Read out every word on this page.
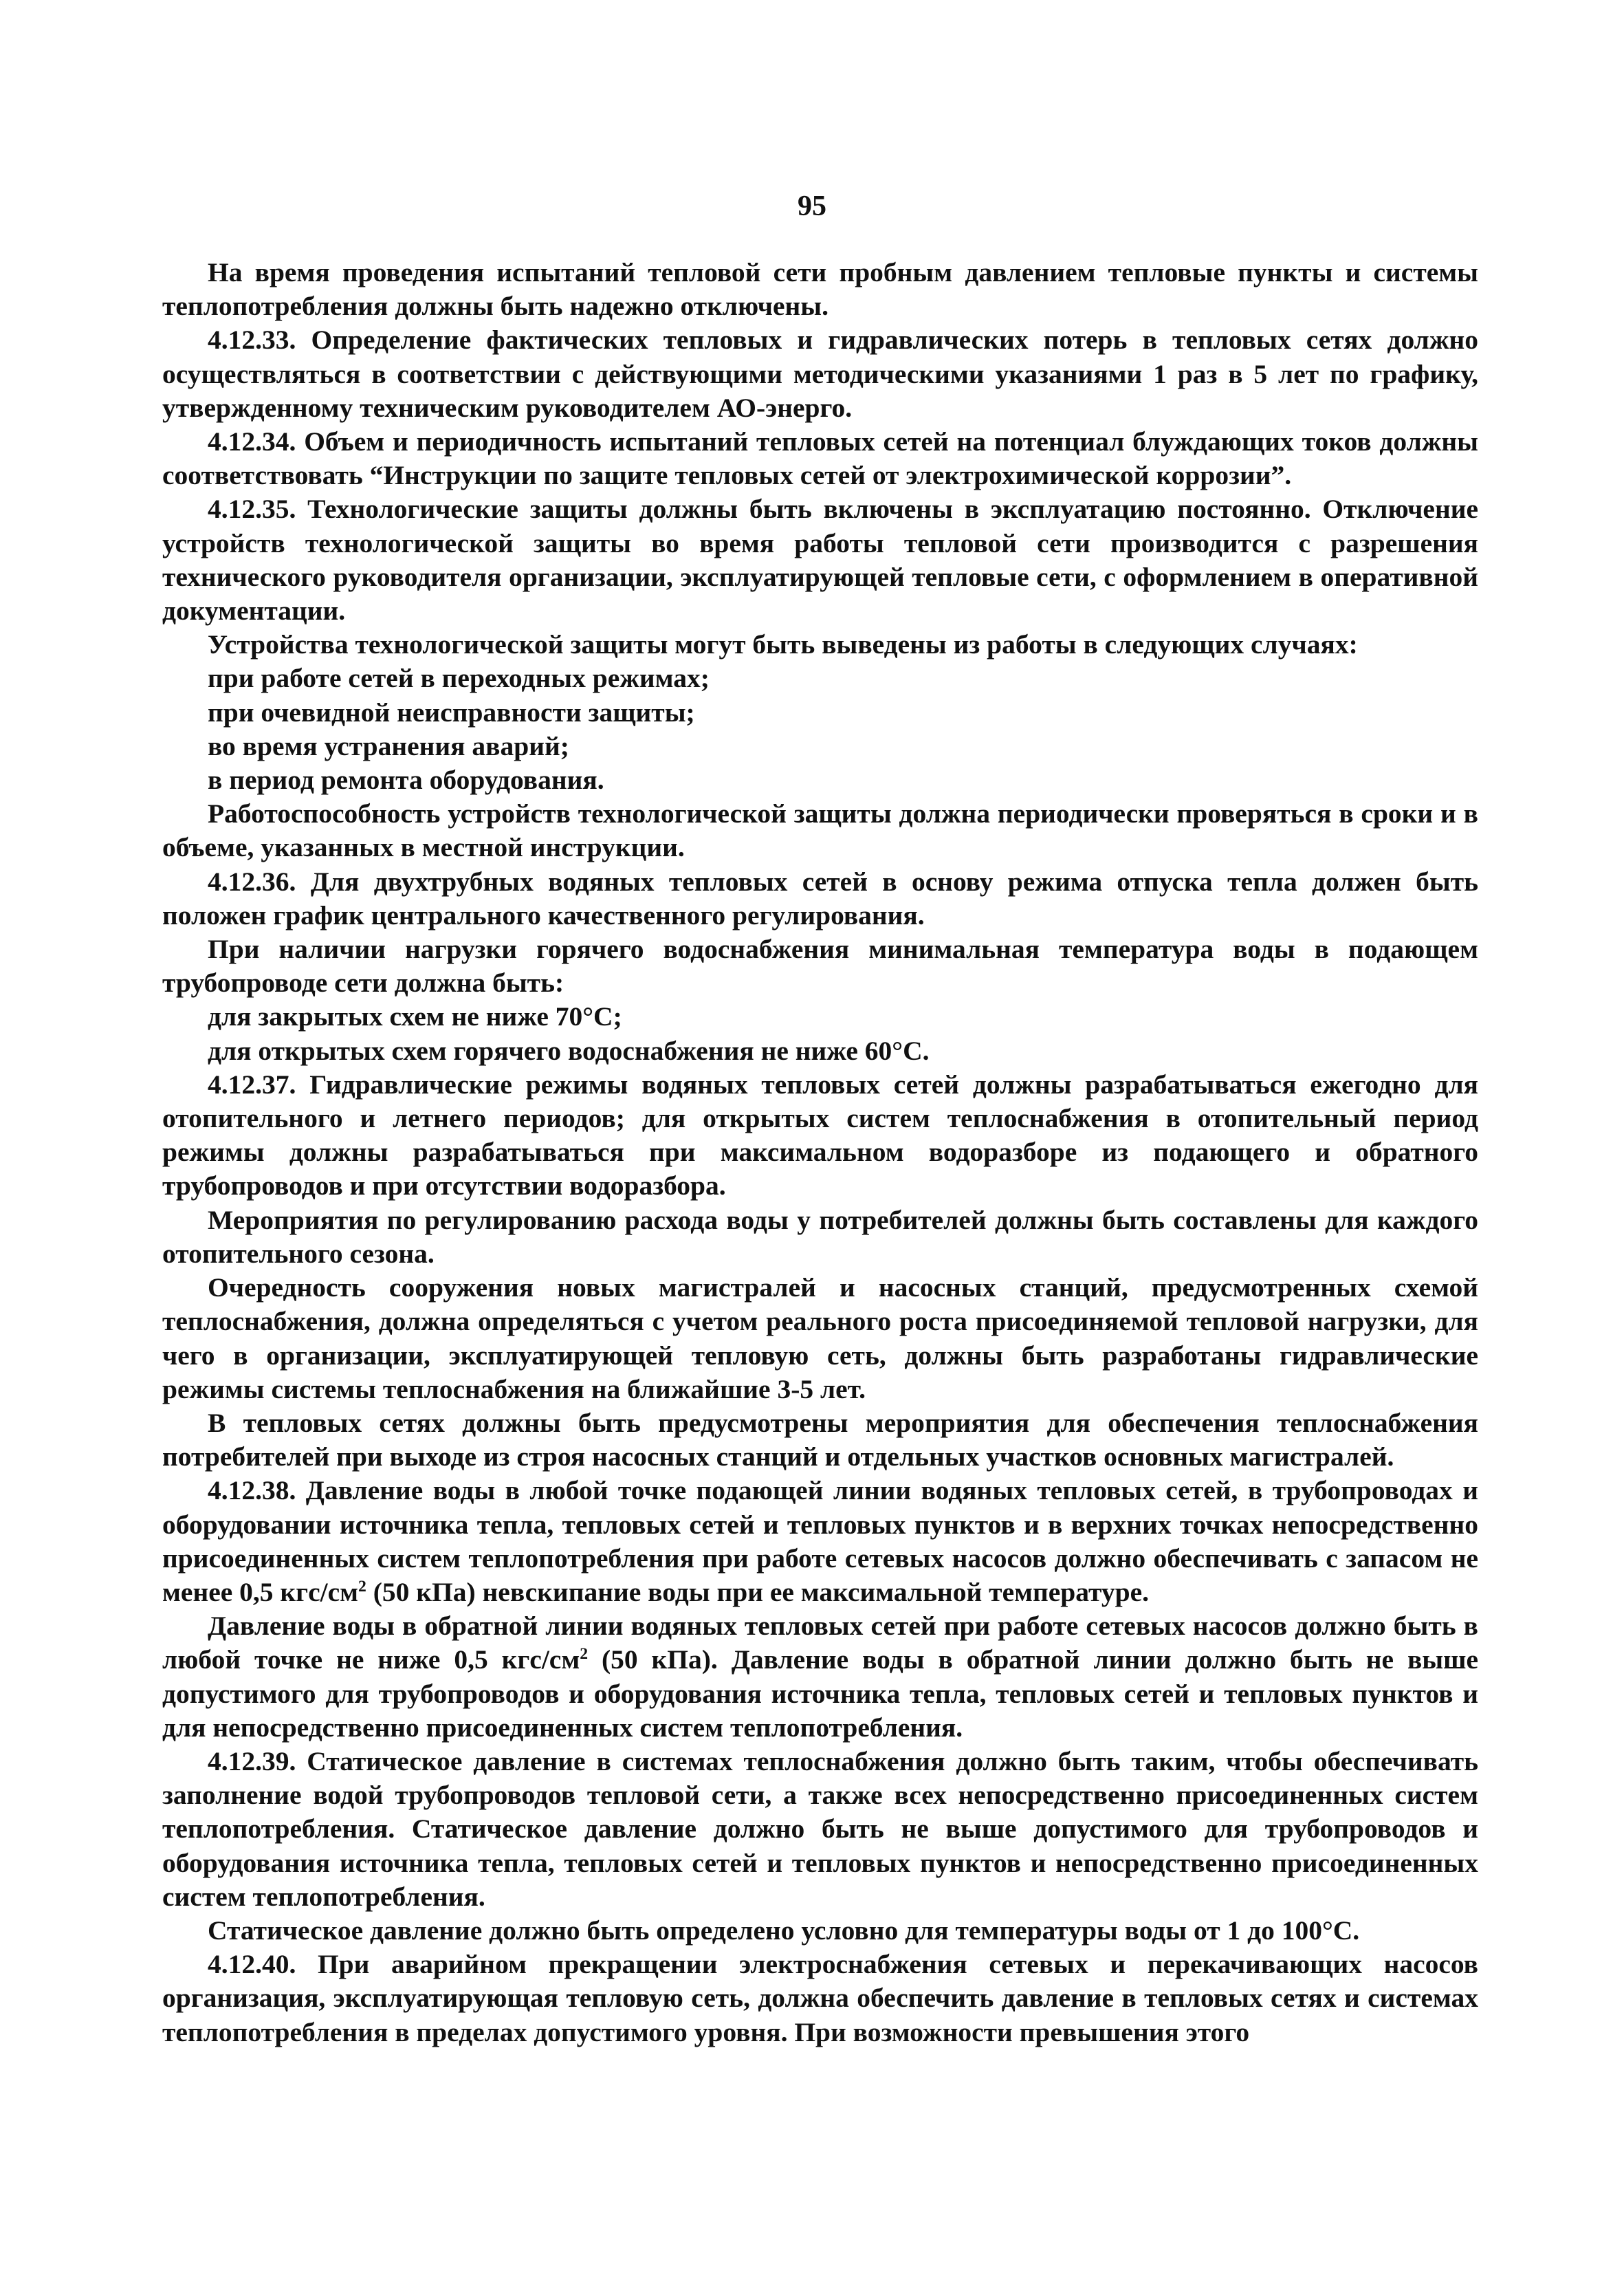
95

На время проведения испытаний тепловой сети пробным давлением тепловые пункты и системы теплопотребления должны быть надежно отключены.

4.12.33. Определение фактических тепловых и гидравлических потерь в тепловых сетях должно осуществляться в соответствии с действующими методическими указаниями 1 раз в 5 лет по графику, утвержденному техническим руководителем АО-энерго.

4.12.34. Объем и периодичность испытаний тепловых сетей на потенциал блуждающих токов должны соответствовать “Инструкции по защите тепловых сетей от электрохимической коррозии”.

4.12.35. Технологические защиты должны быть включены в эксплуатацию постоянно. Отключение устройств технологической защиты во время работы тепловой сети производится с разрешения технического руководителя организации, эксплуатирующей тепловые сети, с оформлением в оперативной документации.

Устройства технологической защиты могут быть выведены из работы в следующих случаях:

при работе сетей в переходных режимах;

при очевидной неисправности защиты;

во время устранения аварий;

в период ремонта оборудования.

Работоспособность устройств технологической защиты должна периодически проверяться в сроки и в объеме, указанных в местной инструкции.

4.12.36. Для двухтрубных водяных тепловых сетей в основу режима отпуска тепла должен быть положен график центрального качественного регулирования.

При наличии нагрузки горячего водоснабжения минимальная температура воды в подающем трубопроводе сети должна быть:

для закрытых схем не ниже 70°С;

для открытых схем горячего водоснабжения не ниже 60°С.

4.12.37. Гидравлические режимы водяных тепловых сетей должны разрабатываться ежегодно для отопительного и летнего периодов; для открытых систем теплоснабжения в отопительный период режимы должны разрабатываться при максимальном водоразборе из подающего и обратного трубопроводов и при отсутствии водоразбора.

Мероприятия по регулированию расхода воды у потребителей должны быть составлены для каждого отопительного сезона.

Очередность сооружения новых магистралей и насосных станций, предусмотренных схемой теплоснабжения, должна определяться с учетом реального роста присоединяемой тепловой нагрузки, для чего в организации, эксплуатирующей тепловую сеть, должны быть разработаны гидравлические режимы системы теплоснабжения на ближайшие 3-5 лет.

В тепловых сетях должны быть предусмотрены мероприятия для обеспечения теплоснабжения потребителей при выходе из строя насосных станций и отдельных участков основных магистралей.

4.12.38. Давление воды в любой точке подающей линии водяных тепловых сетей, в трубопроводах и оборудовании источника тепла, тепловых сетей и тепловых пунктов и в верхних точках непосредственно присоединенных систем теплопотребления при работе сетевых насосов должно обеспечивать с запасом не менее 0,5 кгс/$см^2$ (50 кПа) невскипание воды при ее максимальной температуре.

Давление воды в обратной линии водяных тепловых сетей при работе сетевых насосов должно быть в любой точке не ниже 0,5 кгс/$см^2$ (50 кПа). Давление воды в обратной линии должно быть не выше допустимого для трубопроводов и оборудования источника тепла, тепловых сетей и тепловых пунктов и для непосредственно присоединенных систем теплопотребления.

4.12.39. Статическое давление в системах теплоснабжения должно быть таким, чтобы обеспечивать заполнение водой трубопроводов тепловой сети, а также всех непосредственно присоединенных систем теплопотребления. Статическое давление должно быть не выше допустимого для трубопроводов и оборудования источника тепла, тепловых сетей и тепловых пунктов и непосредственно присоединенных систем теплопотребления.

Статическое давление должно быть определено условно для температуры воды от 1 до 100°С.

4.12.40. При аварийном прекращении электроснабжения сетевых и перекачивающих насосов организация, эксплуатирующая тепловую сеть, должна обеспечить давление в тепловых сетях и системах теплопотребления в пределах допустимого уровня. При возможности превышения этого
